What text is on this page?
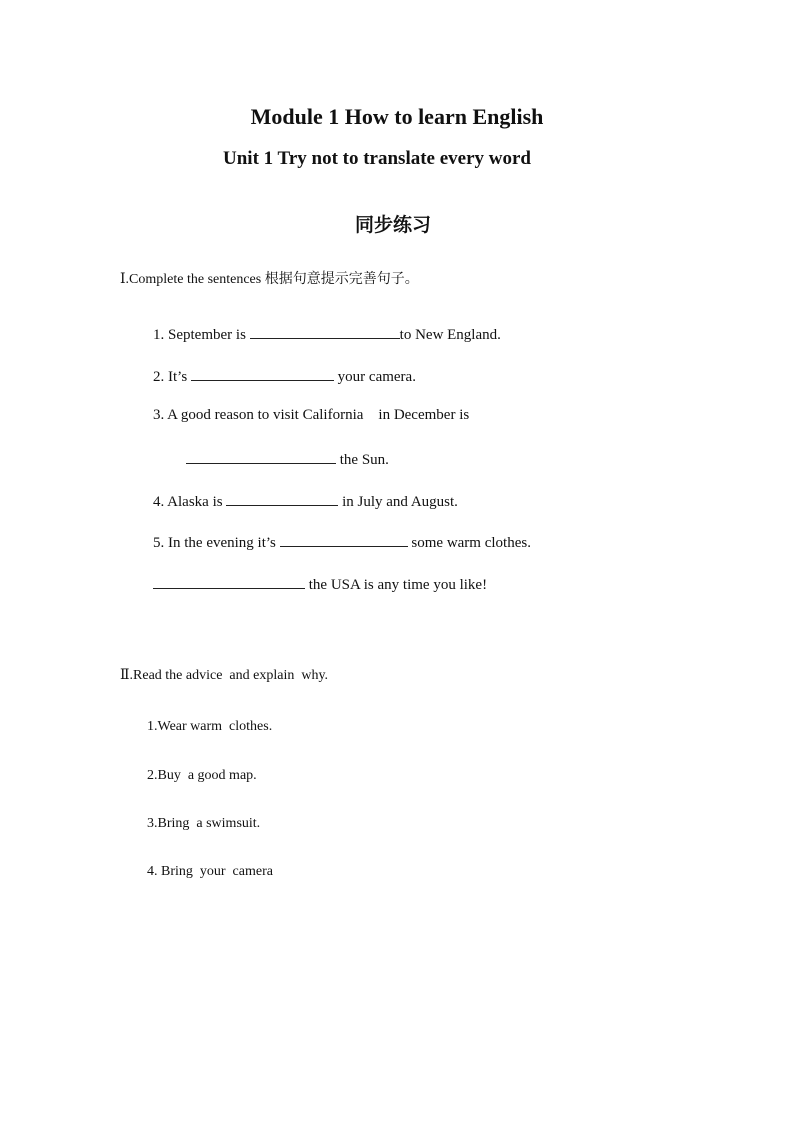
Module 1 How to learn English
Unit 1 Try not to translate every word
同步练习
Ⅰ.Complete the sentences 根据句意提示完善句子。
1. September is	to New England.
2. It’s	your camera.
3. A good reason to visit California    in December is
the Sun.
4. Alaska is	in July and August.
5. In the evening it’s	some warm clothes.
the USA is any time you like!
Ⅱ.Read the advice  and explain  why.
1.Wear warm  clothes.
2.Buy  a good map.
3.Bring  a swimsuit.
4. Bring  your  camera
